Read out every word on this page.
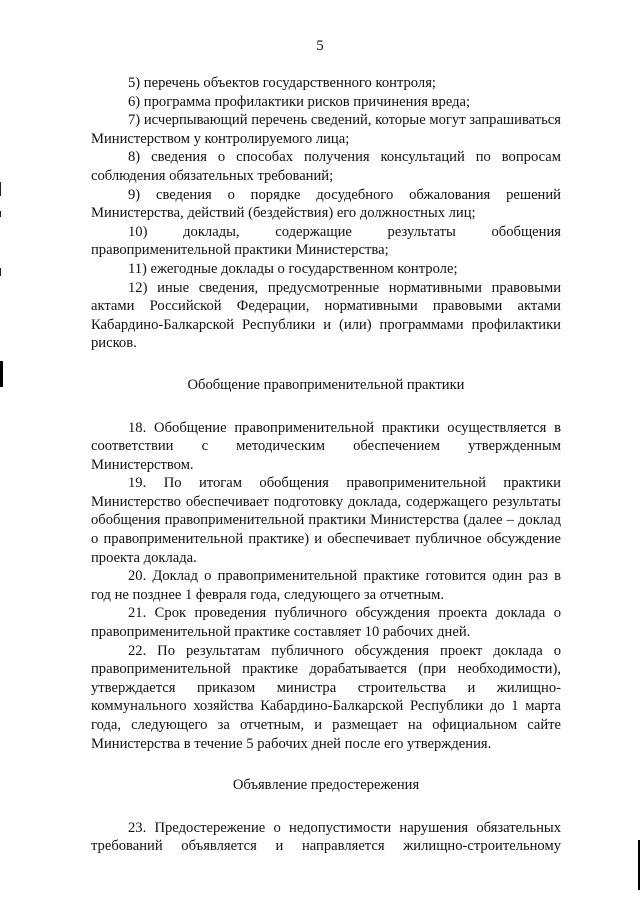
5

5) перечень объектов государственного контроля;

6) программа профилактики рисков причинения вреда;

7) исчерпывающий перечень сведений, которые могут запрашиваться Министерством у контролируемого лица;

8) сведения о способах получения консультаций по вопросам соблюдения обязательных требований;

9) сведения о порядке досудебного обжалования решений Министерства, действий (бездействия) его должностных лиц;

10) доклады, содержащие результаты обобщения правоприменительной практики Министерства;

11) ежегодные доклады о государственном контроле;

12) иные сведения, предусмотренные нормативными правовыми актами Российской Федерации, нормативными правовыми актами Кабардино-Балкарской Республики и (или) программами профилактики рисков.

Обобщение правоприменительной практики

18. Обобщение правоприменительной практики осуществляется в соответствии с методическим обеспечением утвержденным Министерством.

19. По итогам обобщения правоприменительной практики Министерство обеспечивает подготовку доклада, содержащего результаты обобщения правоприменительной практики Министерства (далее – доклад о правоприменительной практике) и обеспечивает публичное обсуждение проекта доклада.

20. Доклад о правоприменительной практике готовится один раз в год не позднее 1 февраля года, следующего за отчетным.

21. Срок проведения публичного обсуждения проекта доклада о правоприменительной практике составляет 10 рабочих дней.

22. По результатам публичного обсуждения проект доклада о правоприменительной практике дорабатывается (при необходимости), утверждается приказом министра строительства и жилищно-коммунального хозяйства Кабардино-Балкарской Республики до 1 марта года, следующего за отчетным, и размещает на официальном сайте Министерства в течение 5 рабочих дней после его утверждения.

Объявление предостережения

23. Предостережение о недопустимости нарушения обязательных требований объявляется и направляется жилищно-строительному
